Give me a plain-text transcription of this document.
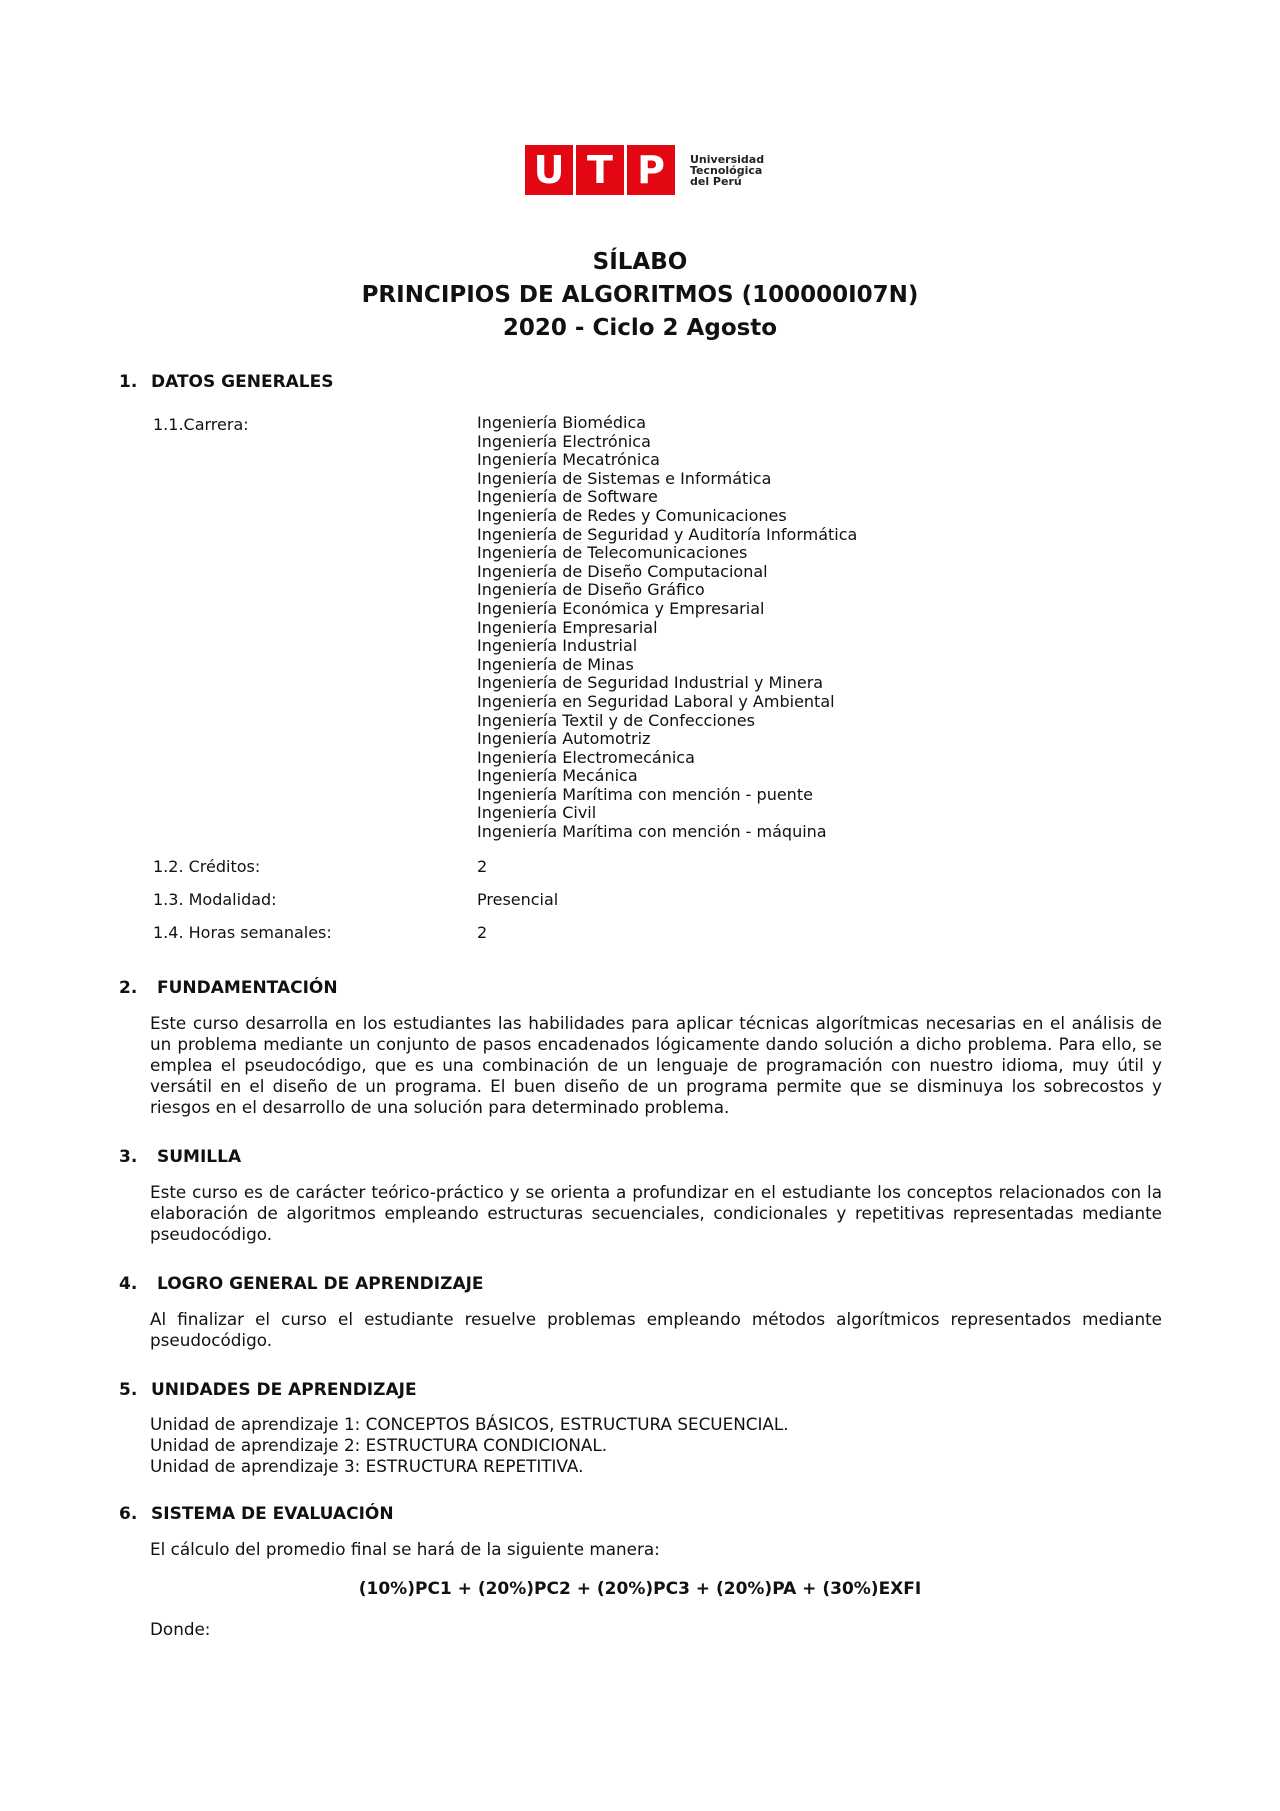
U T P	Universidad
Tecnológica
del Perú
SÍLABO
PRINCIPIOS DE ALGORITMOS (100000I07N)
2020 - Ciclo 2 Agosto
1. DATOS GENERALES
1.1.Carrera:	Ingeniería Biomédica
Ingeniería Electrónica
Ingeniería Mecatrónica
Ingeniería de Sistemas e Informática
Ingeniería de Software
Ingeniería de Redes y Comunicaciones
Ingeniería de Seguridad y Auditoría Informática
Ingeniería de Telecomunicaciones
Ingeniería de Diseño Computacional
Ingeniería de Diseño Gráfico
Ingeniería Económica y Empresarial
Ingeniería Empresarial
Ingeniería Industrial
Ingeniería de Minas
Ingeniería de Seguridad Industrial y Minera
Ingeniería en Seguridad Laboral y Ambiental
Ingeniería Textil y de Confecciones
Ingeniería Automotriz
Ingeniería Electromecánica
Ingeniería Mecánica
Ingeniería Marítima con mención - puente
Ingeniería Civil
Ingeniería Marítima con mención - máquina
1.2. Créditos:	2
1.3. Modalidad:	Presencial
1.4. Horas semanales:	2
2. FUNDAMENTACIÓN
Este curso desarrolla en los estudiantes las habilidades para aplicar técnicas algorítmicas necesarias en el análisis de un problema mediante un conjunto de pasos encadenados lógicamente dando solución a dicho problema. Para ello, se emplea el pseudocódigo, que es una combinación de un lenguaje de programación con nuestro idioma, muy útil y versátil en el diseño de un programa. El buen diseño de un programa permite que se disminuya los sobrecostos y riesgos en el desarrollo de una solución para determinado problema.
3. SUMILLA
Este curso es de carácter teórico-práctico y se orienta a profundizar en el estudiante los conceptos relacionados con la elaboración de algoritmos empleando estructuras secuenciales, condicionales y repetitivas representadas mediante pseudocódigo.
4. LOGRO GENERAL DE APRENDIZAJE
Al finalizar el curso el estudiante resuelve problemas empleando métodos algorítmicos representados mediante pseudocódigo.
5. UNIDADES DE APRENDIZAJE
Unidad de aprendizaje 1: CONCEPTOS BÁSICOS, ESTRUCTURA SECUENCIAL.
Unidad de aprendizaje 2: ESTRUCTURA CONDICIONAL.
Unidad de aprendizaje 3: ESTRUCTURA REPETITIVA.
6. SISTEMA DE EVALUACIÓN
El cálculo del promedio final se hará de la siguiente manera:
(10%)PC1 + (20%)PC2 + (20%)PC3 + (20%)PA + (30%)EXFI
Donde:
